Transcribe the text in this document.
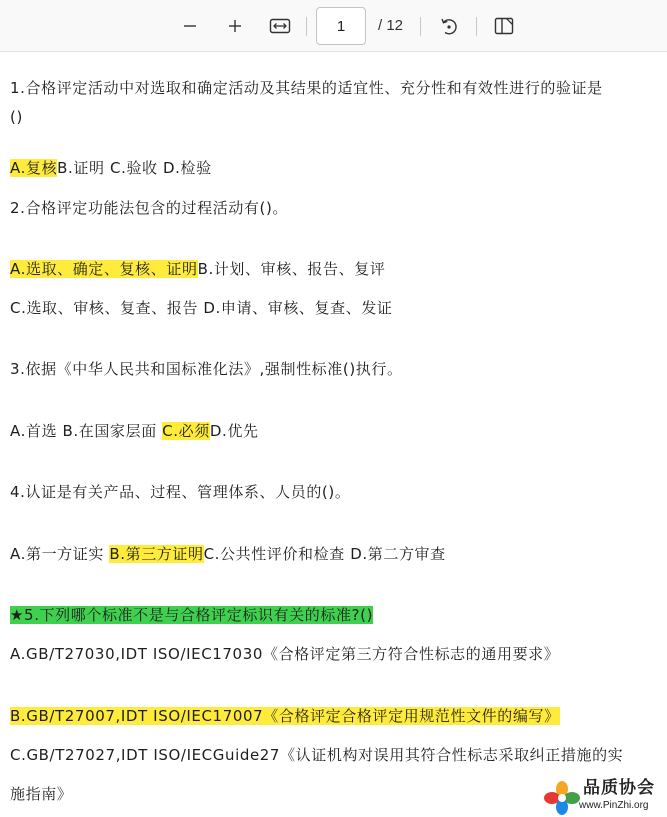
1
/ 12
1.合格评定活动中对选取和确定活动及其结果的适宜性、充分性和有效性进行的验证是
()
A.复核B.证明 C.验收 D.检验
2.合格评定功能法包含的过程活动有()。
A.选取、确定、复核、证明B.计划、审核、报告、复评
C.选取、审核、复查、报告 D.申请、审核、复查、发证
3.依据《中华人民共和国标准化法》,强制性标准()执行。
A.首选 B.在国家层面 C.必须D.优先
4.认证是有关产品、过程、管理体系、人员的()。
A.第一方证实 B.第三方证明C.公共性评价和检查 D.第二方审查
★5.下列哪个标准不是与合格评定标识有关的标准?()
A.GB/T27030,IDT ISO/IEC17030《合格评定第三方符合性标志的通用要求》
B.GB/T27007,IDT ISO/IEC17007《合格评定合格评定用规范性文件的编写》
C.GB/T27027,IDT ISO/IECGuide27《认证机构对误用其符合性标志采取纠正措施的实
施指南》	品质协会
www.PinZhi.org
